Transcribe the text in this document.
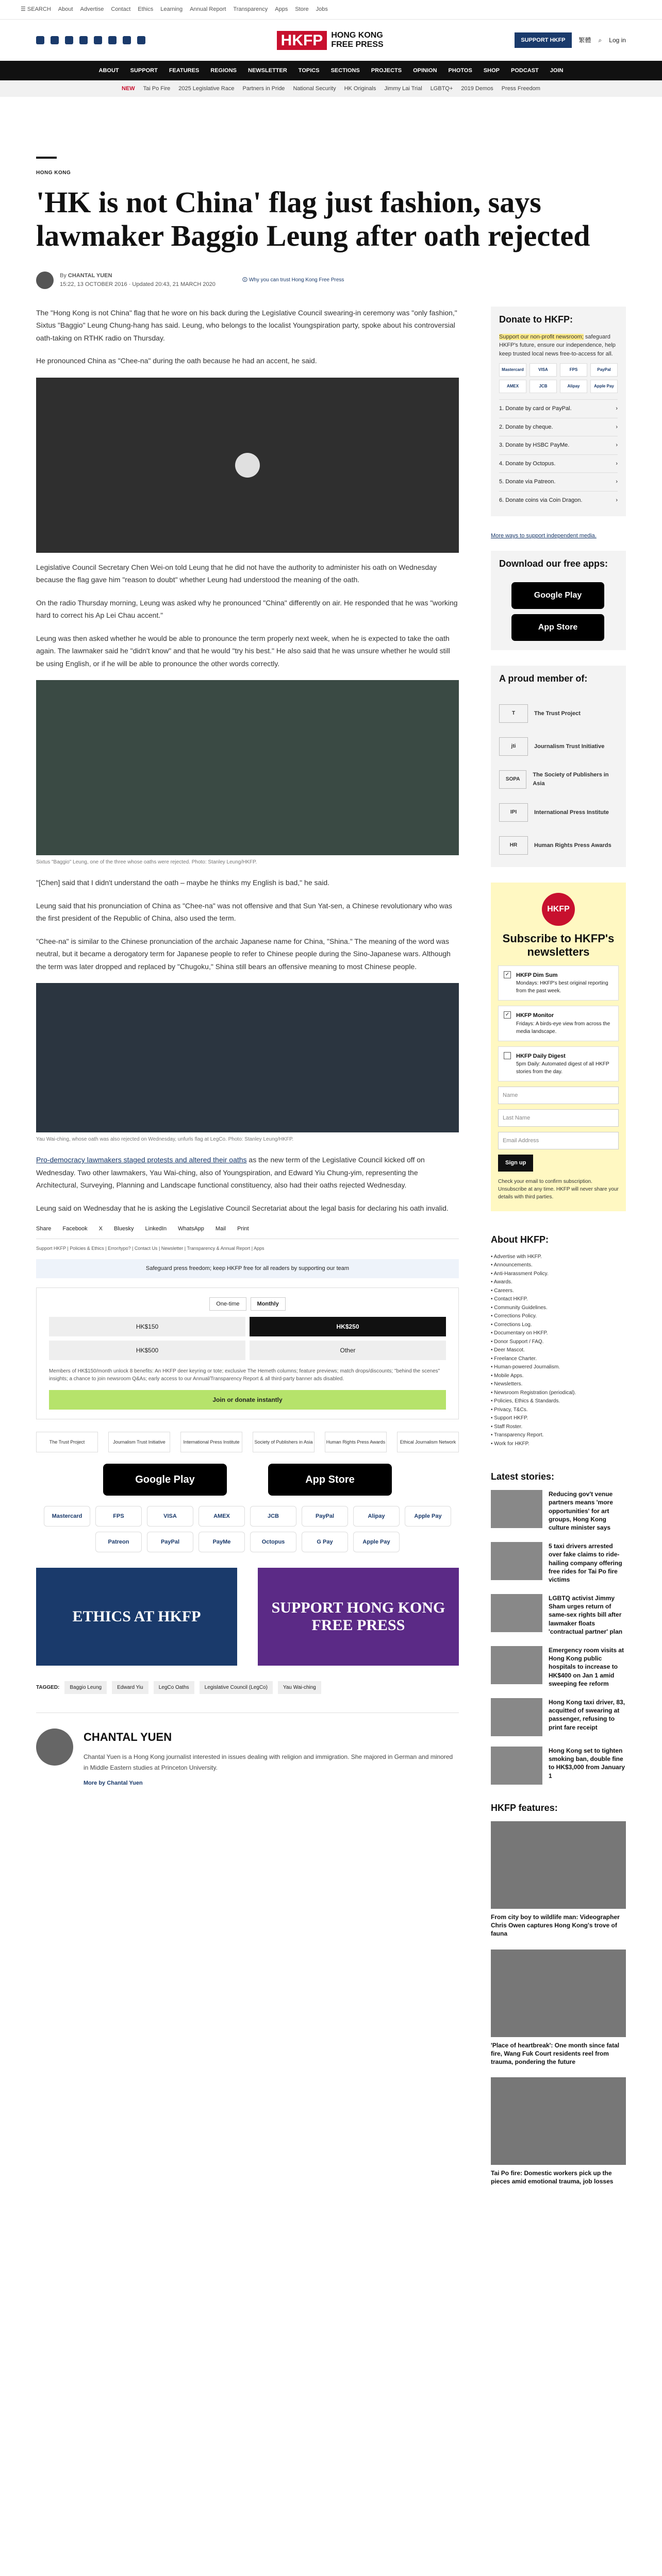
☰ SEARCH About Advertise Contact Ethics Learning Annual Report Transparency Apps Store Jobs
HKFP	HONG KONG
FREE PRESS
SUPPORT HKFP	繁體 ⌕ Log in
ABOUT SUPPORT FEATURES REGIONS NEWSLETTER TOPICS SECTIONS PROJECTS OPINION PHOTOS SHOP PODCAST JOIN
NEW Tai Po Fire 2025 Legislative Race Partners in Pride National Security HK Originals Jimmy Lai Trial LGBTQ+ 2019 Demos Press Freedom
HONG KONG
'HK is not China' flag just fashion, says lawmaker Baggio Leung after oath rejected
By CHANTAL YUEN
15:22, 13 OCTOBER 2016 · Updated 20:43, 21 MARCH 2020
🛈 Why you can trust Hong Kong Free Press

The "Hong Kong is not China" flag that he wore on his back during the Legislative Council swearing-in ceremony was "only fashion," Sixtus "Baggio" Leung Chung-hang has said. Leung, who belongs to the localist Youngspiration party, spoke about his controversial oath-taking on RTHK radio on Thursday.

He pronounced China as "Chee-na" during the oath because he had an accent, he said.

Legislative Council Secretary Chen Wei-on told Leung that he did not have the authority to administer his oath on Wednesday because the flag gave him "reason to doubt" whether Leung had understood the meaning of the oath.

On the radio Thursday morning, Leung was asked why he pronounced "China" differently on air. He responded that he was "working hard to correct his Ap Lei Chau accent."

Leung was then asked whether he would be able to pronounce the term properly next week, when he is expected to take the oath again. The lawmaker said he "didn't know" and that he would "try his best." He also said that he was unsure whether he would still be using English, or if he will be able to pronounce the other words correctly.

Sixtus "Baggio" Leung, one of the three whose oaths were rejected. Photo: Stanley Leung/HKFP.

"[Chen] said that I didn't understand the oath – maybe he thinks my English is bad," he said.

Leung said that his pronunciation of China as "Chee-na" was not offensive and that Sun Yat-sen, a Chinese revolutionary who was the first president of the Republic of China, also used the term.

"Chee-na" is similar to the Chinese pronunciation of the archaic Japanese name for China, "Shina." The meaning of the word was neutral, but it became a derogatory term for Japanese people to refer to Chinese people during the Sino-Japanese wars. Although the term was later dropped and replaced by "Chugoku," Shina still bears an offensive meaning to most Chinese people.

Yau Wai-ching, whose oath was also rejected on Wednesday, unfurls flag at LegCo. Photo: Stanley Leung/HKFP.

Pro-democracy lawmakers staged protests and altered their oaths as the new term of the Legislative Council kicked off on Wednesday. Two other lawmakers, Yau Wai-ching, also of Youngspiration, and Edward Yiu Chung-yim, representing the Architectural, Surveying, Planning and Landscape functional constituency, also had their oaths rejected Wednesday.

Leung said on Wednesday that he is asking the Legislative Council Secretariat about the legal basis for declaring his oath invalid.

Share Facebook X Bluesky LinkedIn WhatsApp Mail Print
Support HKFP | Policies & Ethics | Error/typo? | Contact Us | Newsletter | Transparency & Annual Report | Apps
Safeguard press freedom; keep HKFP free for all readers by supporting our team
One-time	Monthly
HK$150	HK$250
HK$500	Other
Members of HK$150/month unlock 8 benefits: An HKFP deer keyring or tote; exclusive The Hemeth columns; feature previews; match drops/discounts; "behind the scenes" insights; a chance to join newsroom Q&As; early access to our Annual/Transparency Report & all third-party banner ads disabled.
Join or donate instantly
The Trust Project	Journalism Trust Initiative	International Press Institute	Society of Publishers in Asia	Human Rights Press Awards	Ethical Journalism Network
Google Play	App Store
Mastercard	FPS	VISA	AMEX	JCB	PayPal	Alipay	Apple Pay
Patreon	PayPal	PayMe	Octopus	G Pay	Apple Pay
ETHICS AT HKFP
SUPPORT HONG KONG FREE PRESS
TAGGED:	Baggio Leung	Edward Yiu	LegCo Oaths	Legislative Council (LegCo)	Yau Wai-ching
CHANTAL YUEN
Chantal Yuen is a Hong Kong journalist interested in issues dealing with religion and immigration. She majored in German and minored in Middle Eastern studies at Princeton University.
More by Chantal Yuen
Donate to HKFP:
Support our non-profit newsroom; safeguard HKFP's future, ensure our independence, help keep trusted local news free-to-access for all.
Mastercard	VISA	FPS	PayPal
AMEX	JCB	Alipay	Apple Pay
1. Donate by card or PayPal.	›
2. Donate by cheque.	›
3. Donate by HSBC PayMe.	›
4. Donate by Octopus.	›
5. Donate via Patreon.	›
6. Donate coins via Coin Dragon.	›
More ways to support independent media.
Download our free apps:
Google Play
App Store
A proud member of:
T	The Trust Project
jti	Journalism Trust Initiative
SOPA
The Society of Publishers in Asia
IPI	International Press Institute
HR	Human Rights Press Awards
HKFP
Subscribe to HKFP's newsletters
✓ HKFP Dim Sum
Mondays: HKFP's best original reporting from the past week.
✓ HKFP Monitor
Fridays: A birds-eye view from across the media landscape.
HKFP Daily Digest
5pm Daily: Automated digest of all HKFP stories from the day.
Name
Last Name
Email Address
Sign up
Check your email to confirm subscription. Unsubscribe at any time. HKFP will never share your details with third parties.
About HKFP:
• Advertise with HKFP.
• Announcements.
• Anti-Harassment Policy.
• Awards.
• Careers.
• Contact HKFP.
• Community Guidelines.
• Corrections Policy.
• Corrections Log.
• Documentary on HKFP.
• Donor Support / FAQ.
• Deer Mascot.
• Freelance Charter.
• Human-powered Journalism.
• Mobile Apps.
• Newsletters.
• Newsroom Registration (periodical).
• Policies, Ethics & Standards.
• Privacy, T&Cs.
• Support HKFP.
• Staff Roster.
• Transparency Report.
• Work for HKFP.
Latest stories:
Reducing gov't venue partners means 'more opportunities' for art groups, Hong Kong culture minister says
5 taxi drivers arrested over fake claims to ride-hailing company offering free rides for Tai Po fire victims
LGBTQ activist Jimmy Sham urges return of same-sex rights bill after lawmaker floats 'contractual partner' plan
Emergency room visits at Hong Kong public hospitals to increase to HK$400 on Jan 1 amid sweeping fee reform
Hong Kong taxi driver, 83, acquitted of swearing at passenger, refusing to print fare receipt
Hong Kong set to tighten smoking ban, double fine to HK$3,000 from January 1
HKFP features:
From city boy to wildlife man: Videographer Chris Owen captures Hong Kong's trove of fauna
'Place of heartbreak': One month since fatal fire, Wang Fuk Court residents reel from trauma, pondering the future
Tai Po fire: Domestic workers pick up the pieces amid emotional trauma, job losses
